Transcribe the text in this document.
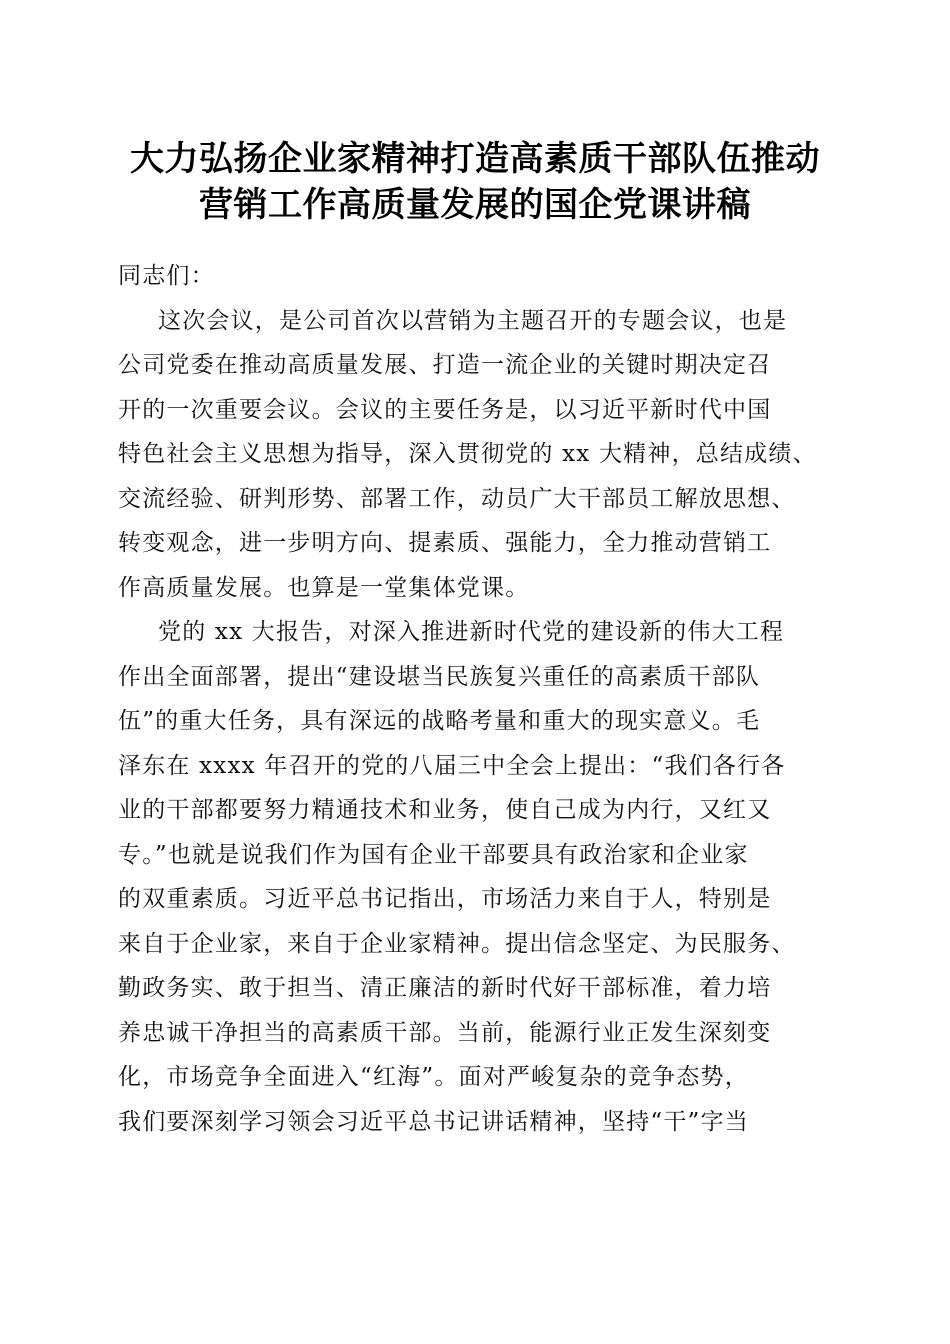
大力弘扬企业家精神打造高素质干部队伍推动
营销工作高质量发展的国企党课讲稿
同志们：
这次会议，是公司首次以营销为主题召开的专题会议，也是
公司党委在推动高质量发展、打造一流企业的关键时期决定召
开的一次重要会议。会议的主要任务是，以习近平新时代中国
特色社会主义思想为指导，深入贯彻党的 xx 大精神，总结成绩、
交流经验、研判形势、部署工作，动员广大干部员工解放思想、
转变观念，进一步明方向、提素质、强能力，全力推动营销工
作高质量发展。也算是一堂集体党课。
党的 xx 大报告，对深入推进新时代党的建设新的伟大工程
作出全面部署，提出“建设堪当民族复兴重任的高素质干部队
伍”的重大任务，具有深远的战略考量和重大的现实意义。毛
泽东在 xxxx 年召开的党的八届三中全会上提出：“我们各行各
业的干部都要努力精通技术和业务，使自己成为内行，又红又
专。”也就是说我们作为国有企业干部要具有政治家和企业家
的双重素质。习近平总书记指出，市场活力来自于人，特别是
来自于企业家，来自于企业家精神。提出信念坚定、为民服务、
勤政务实、敢于担当、清正廉洁的新时代好干部标准，着力培
养忠诚干净担当的高素质干部。当前，能源行业正发生深刻变
化，市场竞争全面进入“红海”。面对严峻复杂的竞争态势，
我们要深刻学习领会习近平总书记讲话精神，坚持“干”字当
